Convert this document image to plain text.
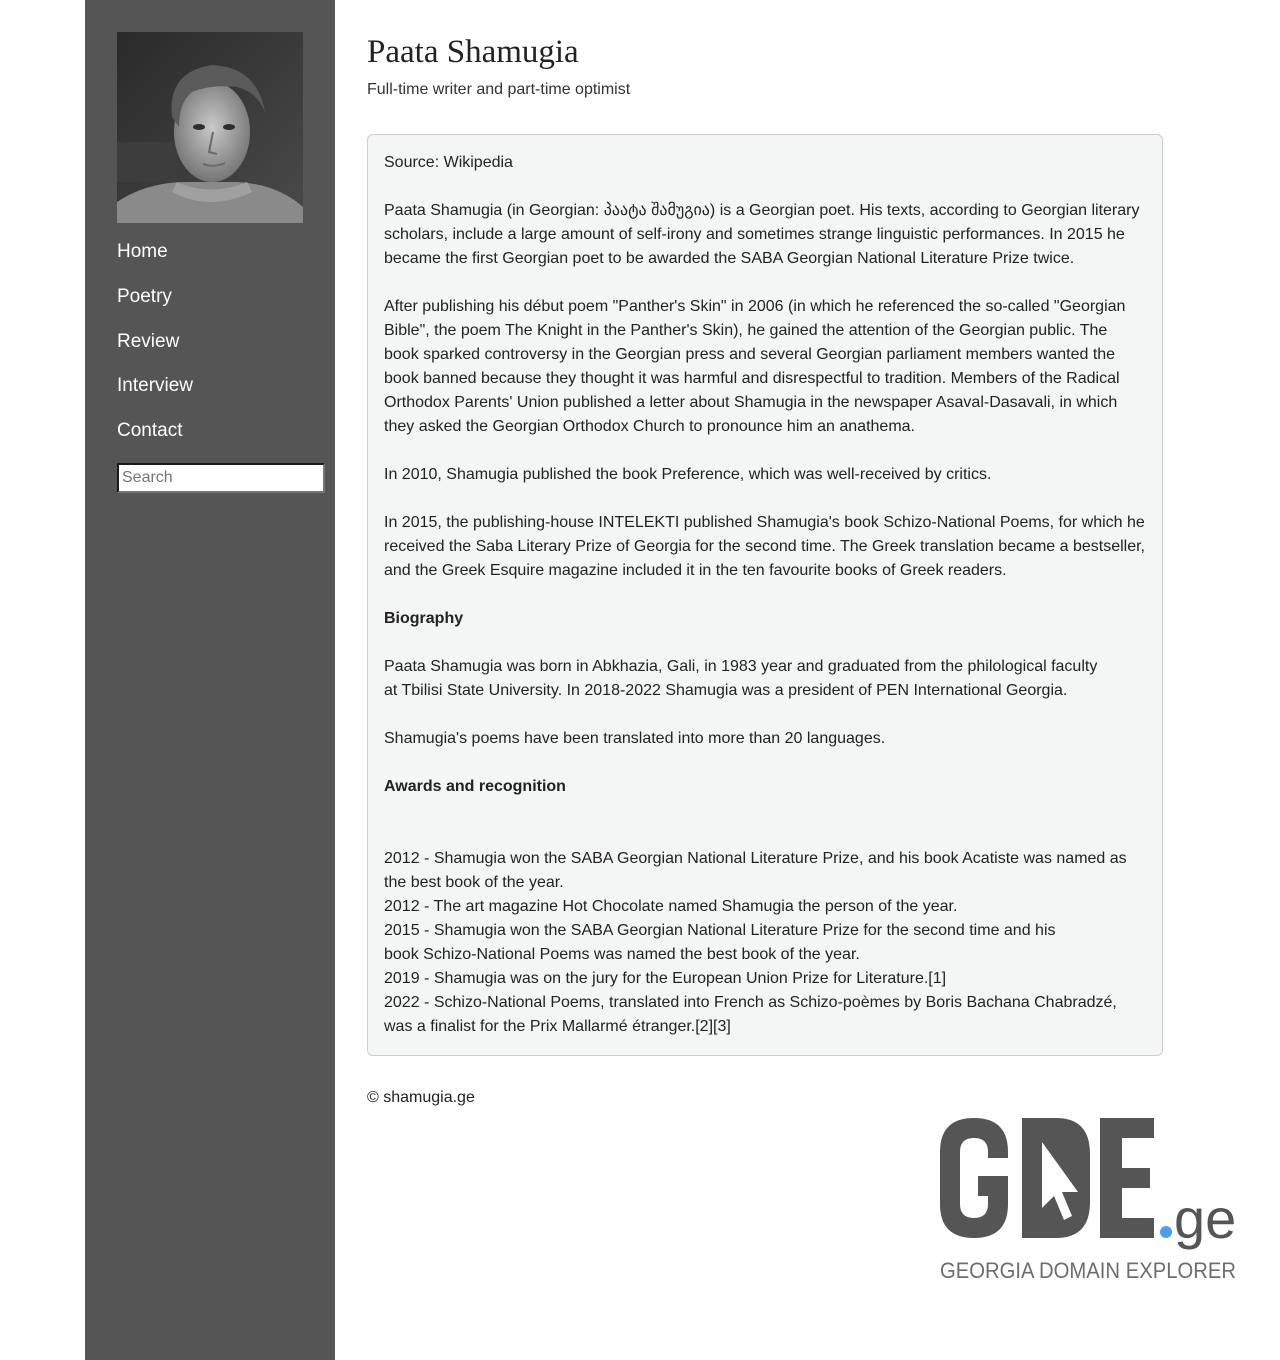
Home
Poetry
Review
Interview
Contact
Search
Paata Shamugia
Full-time writer and part-time optimist

Source: Wikipedia

Paata Shamugia (in Georgian: პაატა შამუგია) is a Georgian poet. His texts, according to Georgian literary scholars, include a large amount of self-irony and sometimes strange linguistic performances. In 2015 he became the first Georgian poet to be awarded the SABA Georgian National Literature Prize twice.

After publishing his début poem "Panther's Skin" in 2006 (in which he referenced the so-called "Georgian Bible", the poem The Knight in the Panther's Skin), he gained the attention of the Georgian public. The book sparked controversy in the Georgian press and several Georgian parliament members wanted the book banned because they thought it was harmful and disrespectful to tradition. Members of the Radical Orthodox Parents' Union published a letter about Shamugia in the newspaper Asaval-Dasavali, in which they asked the Georgian Orthodox Church to pronounce him an anathema.

In 2010, Shamugia published the book Preference, which was well-received by critics.

In 2015, the publishing-house INTELEKTI published Shamugia's book Schizo-National Poems, for which he received the Saba Literary Prize of Georgia for the second time. The Greek translation became a bestseller, and the Greek Esquire magazine included it in the ten favourite books of Greek readers.

Biography

Paata Shamugia was born in Abkhazia, Gali, in 1983 year and graduated from the philological faculty
at Tbilisi State University. In 2018-2022 Shamugia was a president of PEN International Georgia.

Shamugia's poems have been translated into more than 20 languages.

Awards and recognition

2012 - Shamugia won the SABA Georgian National Literature Prize, and his book Acatiste was named as
the best book of the year.
2012 - The art magazine Hot Chocolate named Shamugia the person of the year.
2015 - Shamugia won the SABA Georgian National Literature Prize for the second time and his
book Schizo-National Poems was named the best book of the year.
2019 - Shamugia was on the jury for the European Union Prize for Literature.[1]
2022 - Schizo-National Poems, translated into French as Schizo-poèmes by Boris Bachana Chabradzé,
was a finalist for the Prix Mallarmé étranger.[2][3]
© shamugia.ge
ge
GEORGIA DOMAIN EXPLORER
